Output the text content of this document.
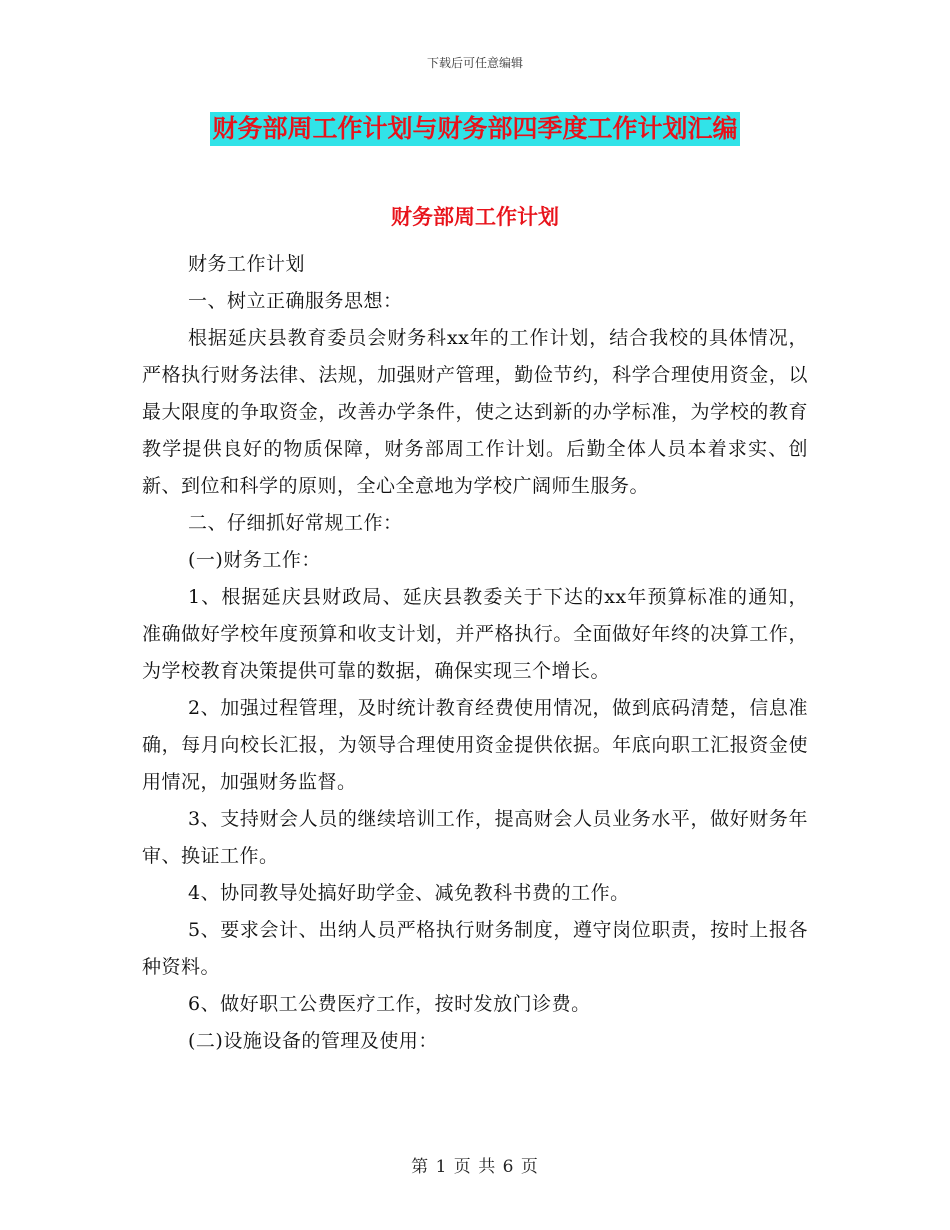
下载后可任意编辑
财务部周工作计划与财务部四季度工作计划汇编
财务部周工作计划

财务工作计划

一、树立正确服务思想：

根据延庆县教育委员会财务科xx年的工作计划，结合我校的具体情况，严格执行财务法律、法规，加强财产管理，勤俭节约，科学合理使用资金，以最大限度的争取资金，改善办学条件，使之达到新的办学标准，为学校的教育教学提供良好的物质保障，财务部周工作计划。后勤全体人员本着求实、创新、到位和科学的原则，全心全意地为学校广阔师生服务。

二、仔细抓好常规工作：

(一)财务工作：

1、根据延庆县财政局、延庆县教委关于下达的xx年预算标准的通知，准确做好学校年度预算和收支计划，并严格执行。全面做好年终的决算工作，为学校教育决策提供可靠的数据，确保实现三个增长。

2、加强过程管理，及时统计教育经费使用情况，做到底码清楚，信息准确，每月向校长汇报，为领导合理使用资金提供依据。年底向职工汇报资金使用情况，加强财务监督。

3、支持财会人员的继续培训工作，提高财会人员业务水平，做好财务年审、换证工作。

4、协同教导处搞好助学金、减免教科书费的工作。

5、要求会计、出纳人员严格执行财务制度，遵守岗位职责，按时上报各种资料。

6、做好职工公费医疗工作，按时发放门诊费。

(二)设施设备的管理及使用：

第 1 页 共 6 页
